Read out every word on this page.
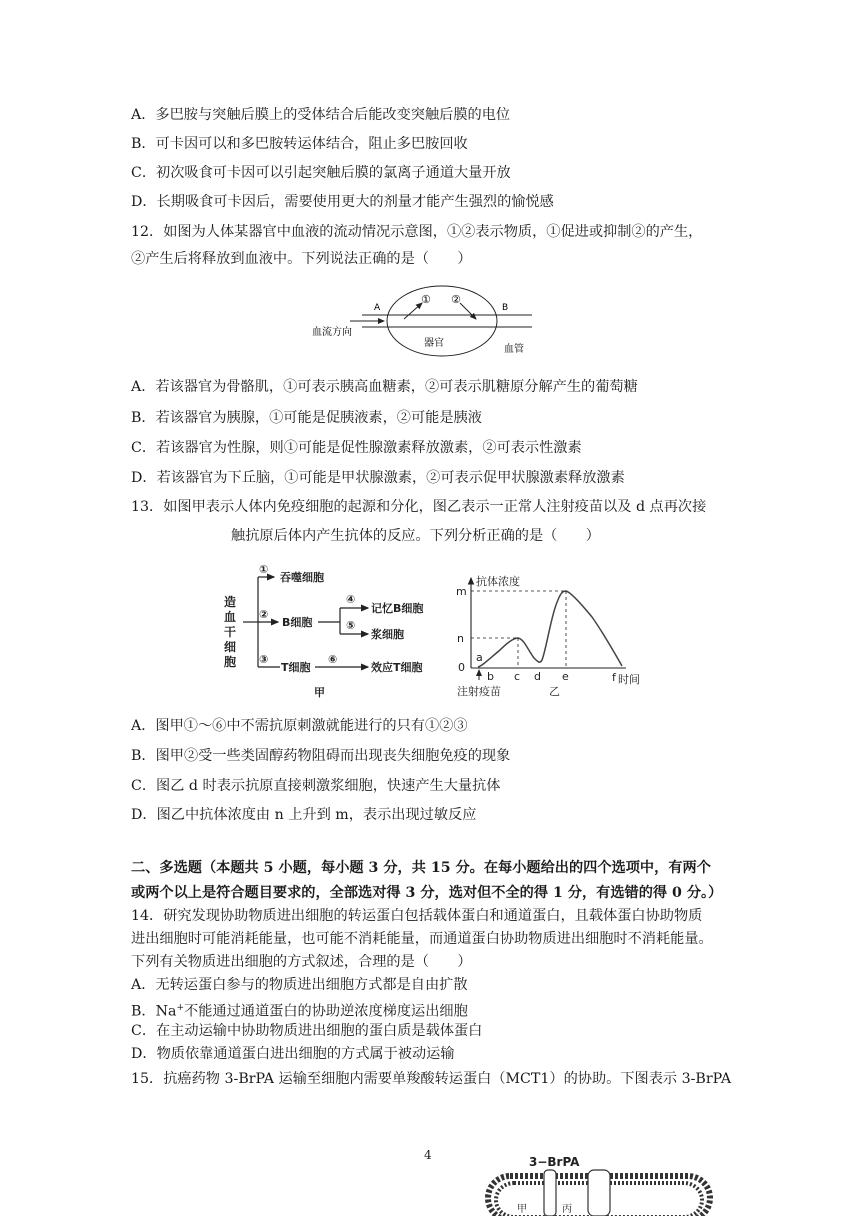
A．多巴胺与突触后膜上的受体结合后能改变突触后膜的电位
B．可卡因可以和多巴胺转运体结合，阻止多巴胺回收
C．初次吸食可卡因可以引起突触后膜的氯离子通道大量开放
D．长期吸食可卡因后，需要使用更大的剂量才能产生强烈的愉悦感
12．如图为人体某器官中血液的流动情况示意图，①②表示物质，①促进或抑制②的产生，
②产生后将释放到血液中。下列说法正确的是（　　）
A	B
① ②
血流方向
器官
血管
A．若该器官为骨骼肌，①可表示胰高血糖素，②可表示肌糖原分解产生的葡萄糖
B．若该器官为胰腺，①可能是促胰液素，②可能是胰液
C．若该器官为性腺，则①可能是促性腺激素释放激素，②可表示性激素
D．若该器官为下丘脑，①可能是甲状腺激素，②可表示促甲状腺激素释放激素
13．如图甲表示人体内免疫细胞的起源和分化，图乙表示一正常人注射疫苗以及 d 点再次接
触抗原后体内产生抗体的反应。下列分析正确的是（　　）
造
血
干
细
胞
①
吞噬细胞
②
B细胞
④
记忆B细胞
⑤
浆细胞
③
T细胞
⑥
效应T细胞
甲
抗体浓度
m
n
0
a
b c d e	f 时间
注射疫苗	乙
A．图甲①～⑥中不需抗原刺激就能进行的只有①②③
B．图甲②受一些类固醇药物阻碍而出现丧失细胞免疫的现象
C．图乙 d 时表示抗原直接刺激浆细胞，快速产生大量抗体
D．图乙中抗体浓度由 n 上升到 m，表示出现过敏反应
二、多选题（本题共 5 小题，每小题 3 分，共 15 分。在每小题给出的四个选项中，有两个
或两个以上是符合题目要求的，全部选对得 3 分，选对但不全的得 1 分，有选错的得 0 分。）
14．研究发现协助物质进出细胞的转运蛋白包括载体蛋白和通道蛋白，且载体蛋白协助物质
进出细胞时可能消耗能量，也可能不消耗能量，而通道蛋白协助物质进出细胞时不消耗能量。
下列有关物质进出细胞的方式叙述，合理的是（　　）
A．无转运蛋白参与的物质进出细胞方式都是自由扩散
B．Na+不能通过通道蛋白的协助逆浓度梯度运出细胞
C．在主动运输中协助物质进出细胞的蛋白质是载体蛋白
D．物质依靠通道蛋白进出细胞的方式属于被动运输
15．抗癌药物 3-BrPA 运输至细胞内需要单羧酸转运蛋白（MCT1）的协助。下图表示 3-BrPA
4	3−BrPA
甲	丙
